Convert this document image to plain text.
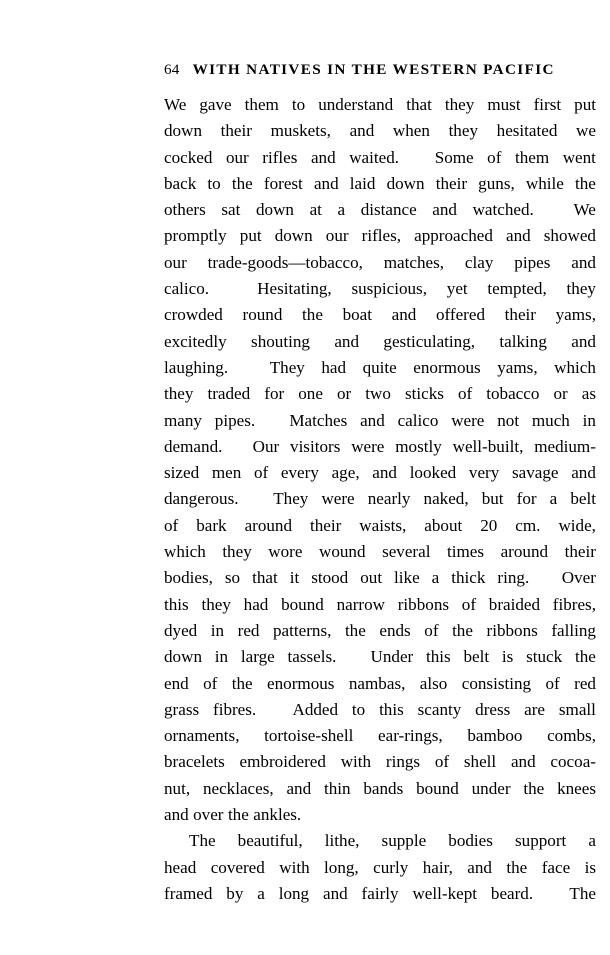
64 WITH NATIVES IN THE WESTERN PACIFIC
We gave them to understand that they must first put
down their muskets, and when they hesitated we
cocked our rifles and waited.
  Some of them went
back to the forest and laid down their guns, while the
others sat down at a distance and watched.
  We
promptly put down our rifles, approached and showed
our trade-goods—tobacco, matches, clay pipes and
calico.
 	Hesitating, suspicious, yet tempted, they
crowded round the boat and offered their yams,
excitedly shouting and gesticulating, talking and
laughing.
  They had quite enormous yams, which
they traded for one or two sticks of tobacco or as
many pipes.
  Matches and calico were not much in
demand.
  Our visitors were mostly well-built, medium-
sized men of every age, and looked very savage and
dangerous.
  They were nearly naked, but for a belt
of bark around their waists, about 20 cm. wide,
which they wore wound several times around their
bodies, so that it stood out like a thick ring.
  Over
this they had bound narrow ribbons of braided fibres,
dyed in red patterns, the ends of the ribbons falling
down in large tassels.
  Under this belt is stuck the
end of the enormous nambas, also consisting of red
grass fibres.
  Added to this scanty dress are small
ornaments, tortoise-shell ear-rings, bamboo combs,
bracelets embroidered with rings of shell and cocoa-
nut, necklaces, and thin bands bound under the knees
and over the ankles.
The beautiful, lithe, supple bodies support a
head covered with long, curly hair, and the face is
framed by a long and fairly well-kept beard.
  The
